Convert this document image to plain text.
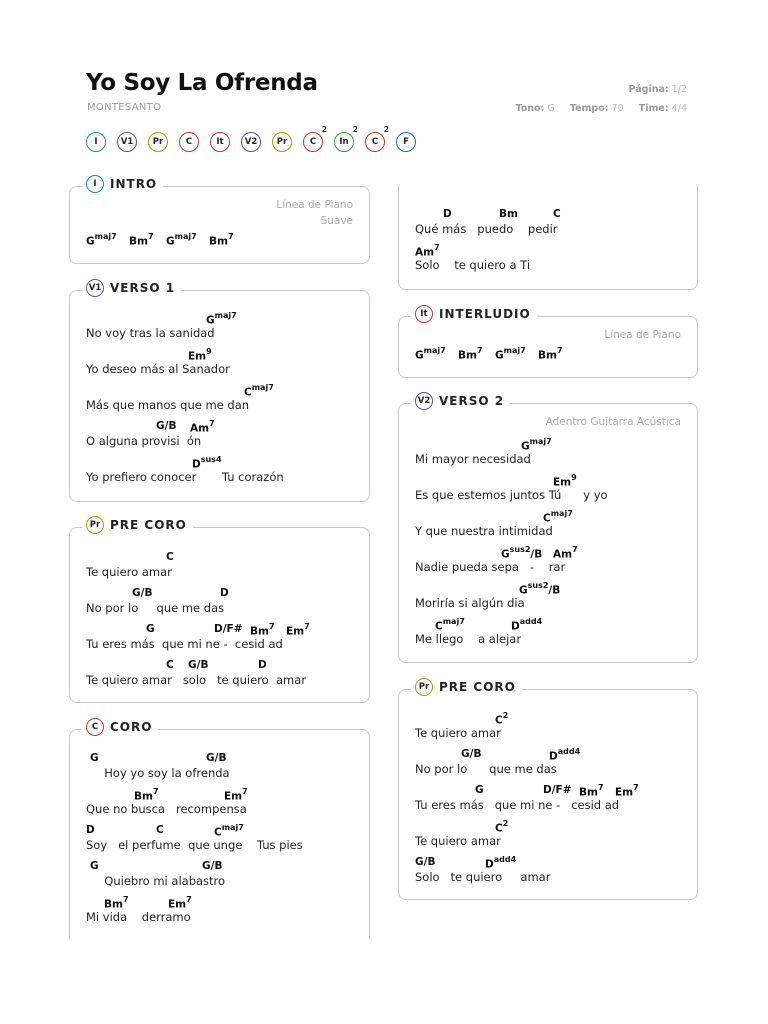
Yo Soy La Ofrenda
MONTESANTO
Página: 1/2
Tono: G Tempo: 70 Time: 4/4
I	V1 Pr	C	It V2 Pr	C
2
In
2
C
2
F
I	INTRO
Línea de Piano
Suave
$G^{maj7}$ Bm$^7$ $G^{maj7}$ Bm$^7$
V1 VERSO 1
$G^{maj7}$
No voy tras la sanidad
Em$^9$
Yo deseo más al Sanador
$C^{maj7}$
Más que manos que me dan
G/B Am$^7$
O alguna provisi  ón
$D^{sus4}$
Yo prefiero conocer       Tu corazón
Pr PRE CORO
C
Te quiero amar
G/B	D
No por lo     que me das
G	D/F# Bm$^7$ Em$^7$
Tu eres más  que mi ne -  cesid ad
C G/B	D
Te quiero amar   solo   te quiero  amar
C CORO
G	G/B
Hoy yo soy la ofrenda
Bm$^7$	Em$^7$
Que no busca   recompensa
D	C	$C^{maj7}$
Soy   el perfume  que unge    Tus pies
G	G/B
Quiebro mi alabastro
Bm$^7$	Em$^7$
Mi vida    derramo
D	Bm	C
Qué más   puedo    pedir
Am$^7$
Solo    te quiero a Ti
It INTERLUDIO
Línea de Piano
$G^{maj7}$ Bm$^7$ $G^{maj7}$ Bm$^7$
V2 VERSO 2
Adentro Guitarra Acústica
$G^{maj7}$
Mi mayor necesidad
Em$^9$
Es que estemos juntos Tú      y yo
$C^{maj7}$
Y que nuestra intimidad
$G^{sus2}/B$ Am$^7$
Nadie pueda sepa   -    rar
$G^{sus2}/B$
Moriría si algún dia
$C^{maj7}$	$D^{add4}$
Me llego    a alejar
Pr PRE CORO
$C^2$
Te quiero amar
G/B	$D^{add4}$
No por lo      que me das
G	D/F# Bm$^7$ Em$^7$
Tu eres más   que mi ne -   cesid ad
$C^2$
Te quiero amar
G/B	$D^{add4}$
Solo   te quiero     amar
